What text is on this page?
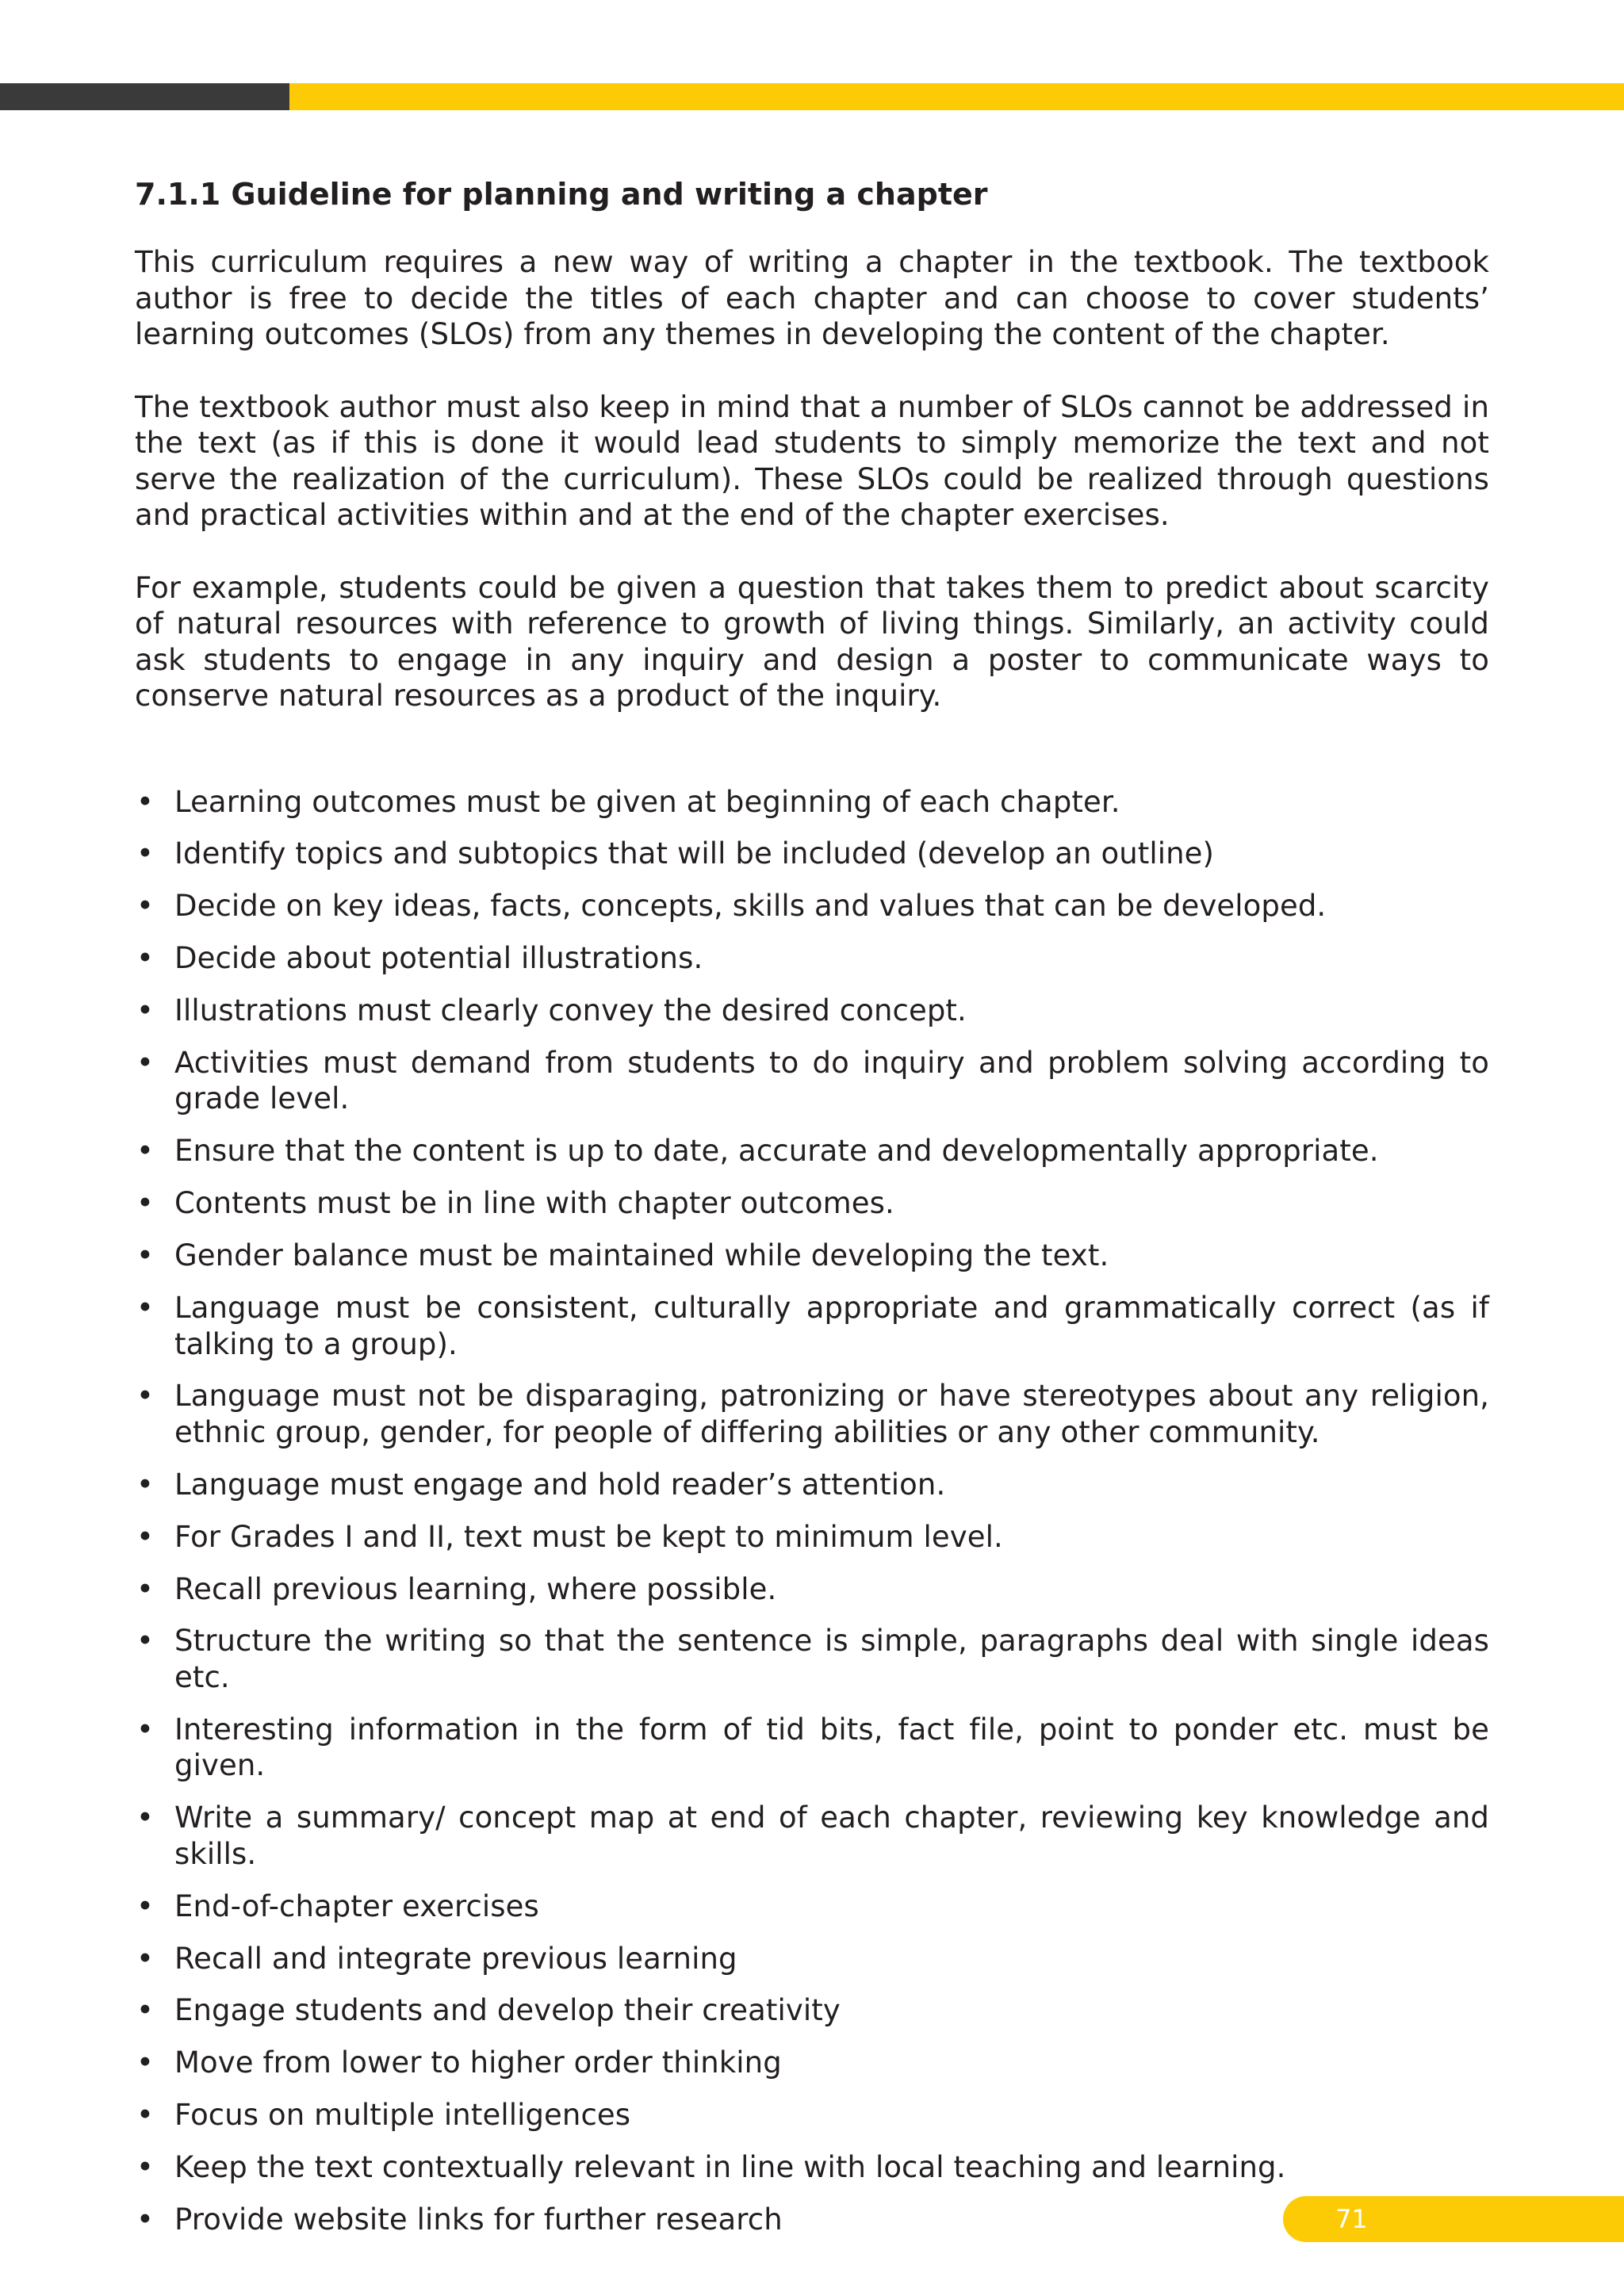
7.1.1 Guideline for planning and writing a chapter

This curriculum requires a new way of writing a chapter in the textbook. The textbook author is free to decide the titles of each chapter and can choose to cover students’ learning outcomes (SLOs) from any themes in developing the content of the chapter.

The textbook author must also keep in mind that a number of SLOs cannot be addressed in the text (as if this is done it would lead students to simply memorize the text and not serve the realization of the curriculum). These SLOs could be realized through questions and practical activities within and at the end of the chapter exercises.

For example, students could be given a question that takes them to predict about scarcity of natural resources with reference to growth of living things. Similarly, an activity could ask students to engage in any inquiry and design a poster to communicate ways to conserve natural resources as a product of the inquiry.

• Learning outcomes must be given at beginning of each chapter.
• Identify topics and subtopics that will be included (develop an outline)
• Decide on key ideas, facts, concepts, skills and values that can be developed.
• Decide about potential illustrations.
• Illustrations must clearly convey the desired concept.
• Activities must demand from students to do inquiry and problem solving according to grade level.
• Ensure that the content is up to date, accurate and developmentally appropriate.
• Contents must be in line with chapter outcomes.
• Gender balance must be maintained while developing the text.
• Language must be consistent, culturally appropriate and grammatically correct (as if talking to a group).
• Language must not be disparaging, patronizing or have stereotypes about any religion, ethnic group, gender, for people of differing abilities or any other community.
• Language must engage and hold reader’s attention.
• For Grades I and II, text must be kept to minimum level.
• Recall previous learning, where possible.
• Structure the writing so that the sentence is simple, paragraphs deal with single ideas etc.
• Interesting information in the form of tid bits, fact file, point to ponder etc. must be given.
• Write a summary/ concept map at end of each chapter, reviewing key knowledge and skills.
• End-of-chapter exercises
• Recall and integrate previous learning
• Engage students and develop their creativity
• Move from lower to higher order thinking
• Focus on multiple intelligences
• Keep the text contextually relevant in line with local teaching and learning.
• Provide website links for further research	71
